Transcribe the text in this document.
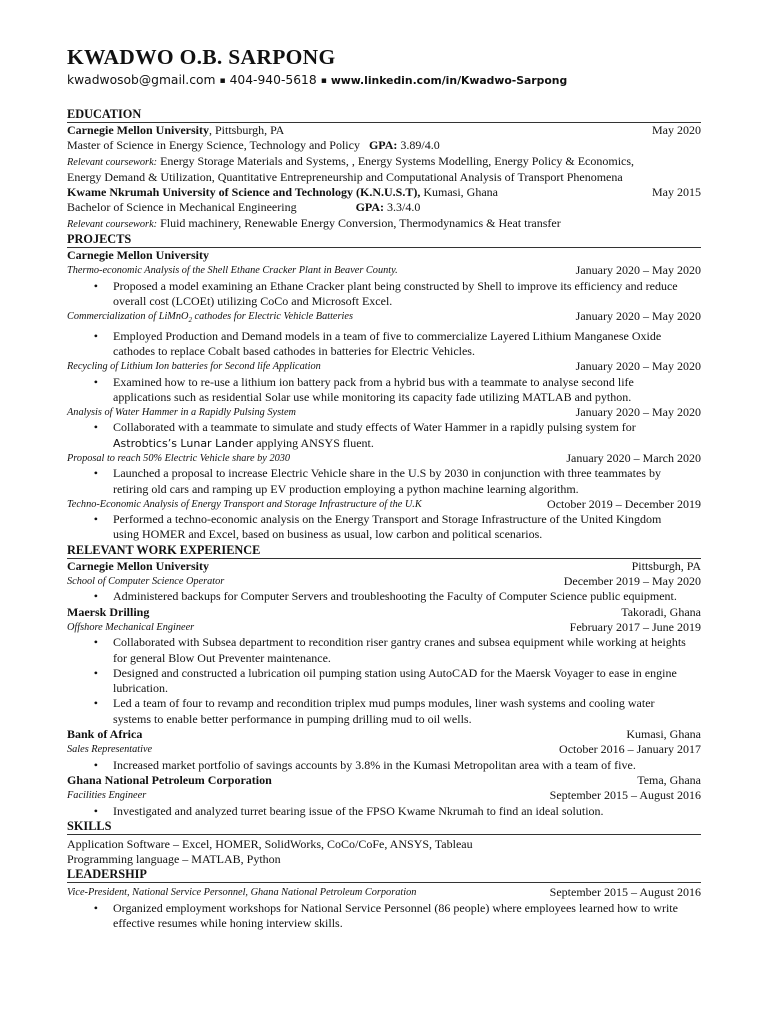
KWADWO O.B. SARPONG
kwadwosob@gmail.com ▪ 404-940-5618 ▪ www.linkedin.com/in/Kwadwo-Sarpong
EDUCATION
Carnegie Mellon University, Pittsburgh, PA	May 2020
Master of Science in Energy Science, Technology and Policy GPA: 3.89/4.0
Relevant coursework: Energy Storage Materials and Systems, , Energy Systems Modelling, Energy Policy & Economics,
Energy Demand & Utilization, Quantitative Entrepreneurship and Computational Analysis of Transport Phenomena
Kwame Nkrumah University of Science and Technology (K.N.U.S.T), Kumasi, Ghana	May 2015
Bachelor of Science in Mechanical Engineering	GPA: 3.3/4.0
Relevant coursework: Fluid machinery, Renewable Energy Conversion, Thermodynamics & Heat transfer
PROJECTS
Carnegie Mellon University
Thermo-economic Analysis of the Shell Ethane Cracker Plant in Beaver County.	January 2020 – May 2020
•	Proposed a model examining an Ethane Cracker plant being constructed by Shell to improve its efficiency and reduce
overall cost (LCOEt) utilizing CoCo and Microsoft Excel.
Commercialization of LiMnO$_2$ cathodes for Electric Vehicle Batteries	January 2020 – May 2020
•	Employed Production and Demand models in a team of five to commercialize Layered Lithium Manganese Oxide
cathodes to replace Cobalt based cathodes in batteries for Electric Vehicles.
Recycling of Lithium Ion batteries for Second life Application	January 2020 – May 2020
•	Examined how to re-use a lithium ion battery pack from a hybrid bus with a teammate to analyse second life
applications such as residential Solar use while monitoring its capacity fade utilizing MATLAB and python.
Analysis of Water Hammer in a Rapidly Pulsing System	January 2020 – May 2020
•	Collaborated with a teammate to simulate and study effects of Water Hammer in a rapidly pulsing system for
Astrobtics’s Lunar Lander applying ANSYS fluent.
Proposal to reach 50% Electric Vehicle share by 2030	January 2020 – March 2020
•	Launched a proposal to increase Electric Vehicle share in the U.S by 2030 in conjunction with three teammates by
retiring old cars and ramping up EV production employing a python machine learning algorithm.
Techno-Economic Analysis of Energy Transport and Storage Infrastructure of the U.K	October 2019 – December 2019
•	Performed a techno-economic analysis on the Energy Transport and Storage Infrastructure of the United Kingdom
using HOMER and Excel, based on business as usual, low carbon and political scenarios.
RELEVANT WORK EXPERIENCE
Carnegie Mellon University	Pittsburgh, PA
School of Computer Science Operator	December 2019 – May 2020
•	Administered backups for Computer Servers and troubleshooting the Faculty of Computer Science public equipment.
Maersk Drilling	Takoradi, Ghana
Offshore Mechanical Engineer	February 2017 – June 2019
•	Collaborated with Subsea department to recondition riser gantry cranes and subsea equipment while working at heights
for general Blow Out Preventer maintenance.
•	Designed and constructed a lubrication oil pumping station using AutoCAD for the Maersk Voyager to ease in engine
lubrication.
•	Led a team of four to revamp and recondition triplex mud pumps modules, liner wash systems and cooling water
systems to enable better performance in pumping drilling mud to oil wells.
Bank of Africa	Kumasi, Ghana
Sales Representative	October 2016 – January 2017
•	Increased market portfolio of savings accounts by 3.8% in the Kumasi Metropolitan area with a team of five.
Ghana National Petroleum Corporation	Tema, Ghana
Facilities Engineer	September 2015 – August 2016
•	Investigated and analyzed turret bearing issue of the FPSO Kwame Nkrumah to find an ideal solution.
SKILLS
Application Software – Excel, HOMER, SolidWorks, CoCo/CoFe, ANSYS, Tableau
Programming language – MATLAB, Python
LEADERSHIP
Vice-President, National Service Personnel, Ghana National Petroleum Corporation	September 2015 – August 2016
•	Organized employment workshops for National Service Personnel (86 people) where employees learned how to write
effective resumes while honing interview skills.
